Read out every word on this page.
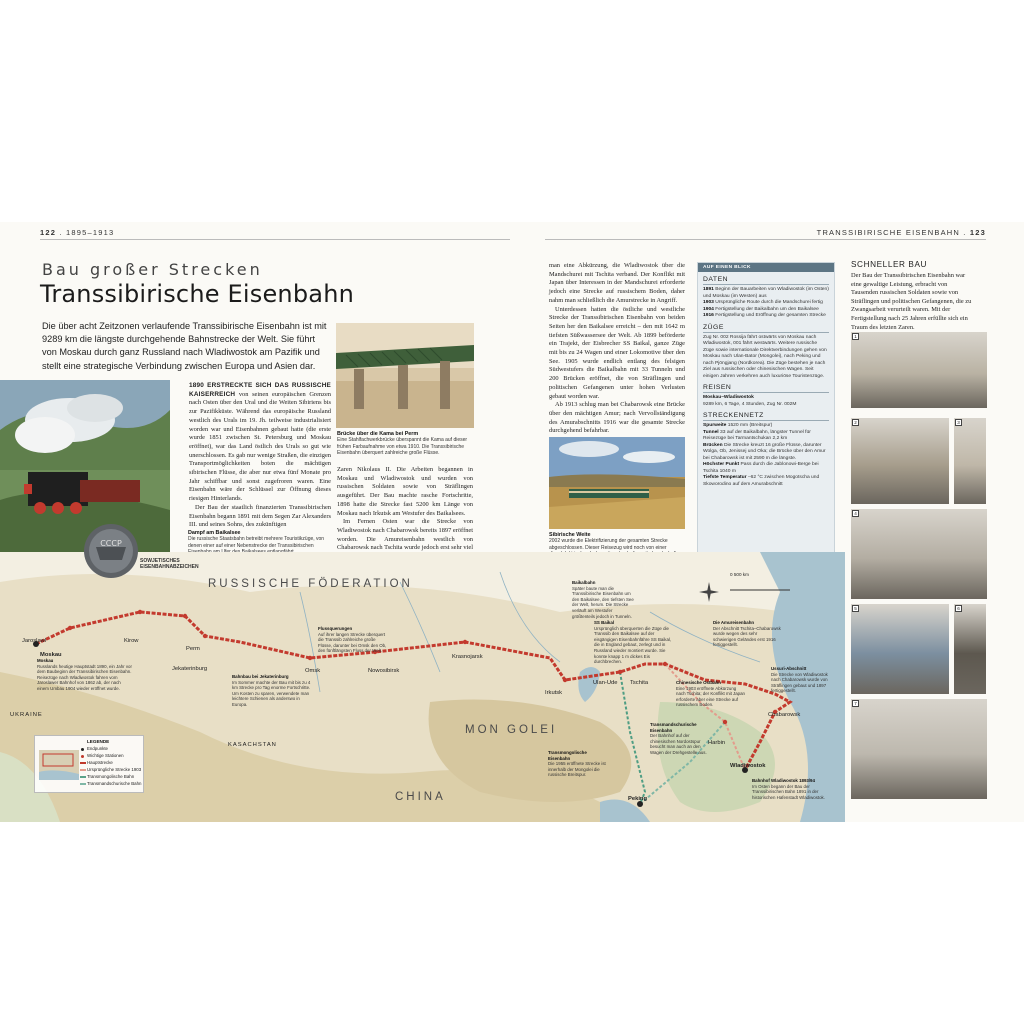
122 . 1895–1913	TRANSSIBIRISCHE EISENBAHN . 123
Bau großer Strecken
Transsibirische Eisenbahn
Die über acht Zeitzonen verlaufende Transsibirische Eisenbahn ist mit 9289 km die längste durchgehende Bahnstrecke der Welt. Sie führt von Moskau durch ganz Russland nach Wladiwostok am Pazifik und stellt eine strategische Verbindung zwischen Europa und Asien dar.
Dampf am Baikalsee
Die russische Staatsbahn betreibt mehrere Touristikzüge, von denen einer auf einer Nebenstrecke der Transsibirischen
1890 ERSTRECKTE SICH DAS RUSSISCHE KAISERREICH von seinen europäischen Grenzen nach Osten über den Ural und die Weiten Sibiriens bis zur Pazifikküste. Während das europäische Russland westlich des Urals im 19. Jh. teilweise industrialisiert worden war und Eisenbahnen gebaut hatte (die erste wurde 1851 zwischen St. Petersburg und Moskau eröffnet), war das Land östlich des Urals so gut wie unerschlossen. Es gab nur wenige Straßen, die einzigen Transportmöglichkeiten boten die mächtigen sibirischen Flüsse, die aber nur etwa fünf Monate pro Jahr schiffbar und sonst zugefroren waren. Eine Eisenbahn wäre der Schlüssel zur Öffnung dieses riesigen Hinterlands.

Der Bau der staatlich finanzierten Transsibirischen Eisenbahn begann 1891 mit dem Segen Zar Alexanders III. und seines Sohns, des zukünftigen

Brücke über die Kama bei Perm
Eine Stahlfachwerkbrücke überspannt die Kama auf dieser frühen Farbaufnahme von etwa 1910. Die Transsibirische Eisenbahn überquert zahlreiche große Flüsse.
Zaren Nikolaus II. Die Arbeiten begannen in Moskau und Wladiwostok und wurden von russischen Soldaten sowie von Sträflingen ausgeführt. Der Bau machte rasche Fortschritte, 1898 hatte die Strecke fast 5200 km Länge von Moskau nach Irkutsk am Westufer des Baikalsees.

Im Fernen Osten war die Strecke von Wladiwostok nach Chabarowsk bereits 1897 eröffnet worden. Die Amureisenbahn westlich von Chabarowsk nach Tschita wurde jedoch erst sehr viel

man eine Abkürzung, die Wladiwostok über die Mandschurei mit Tschita verband. Der Konflikt mit Japan über Interessen in der Mandschurei erforderte jedoch eine Strecke auf russischem Boden, daher nahm man schließlich die Amurstrecke in Angriff.

Unterdessen hatten die östliche und westliche Strecke der Transsibirischen Eisenbahn von beiden Seiten her den Baikalsee erreicht – den mit 1642 m tiefsten Süßwassersee der Welt. Ab 1899 beförderte ein Trajekt, der Eisbrecher SS Baikal, ganze Züge mit bis zu 24 Wagen und einer Lokomotive über den See. 1905 wurde endlich entlang des felsigen Südwestufers die Baikalbahn mit 33 Tunneln und 200 Brücken eröffnet, die von Sträflingen und politischen Gefangenen unter hohen Verlusten gebaut worden war.

Ab 1913 schlug man bei Chabarowsk eine Brücke über den mächtigen Amur; nach Vervollständigung des Amurabschnitts 1916 war die gesamte Strecke durchgehend befahrbar.

Sibirische Weite
2002 wurde die Elektrifizierung der gesamten Strecke abgeschlossen. Dieser Reisezug wird noch von einer
AUF EINEN BLICK
DATEN
1891 Beginn der Bauarbeiten von Wladiwostok (im Osten) und Moskau (im Westen) aus
1903 Ursprüngliche Route durch die Mandschurei fertig
1904 Fertigstellung der Baikalbahn um den Baikalsee
1916 Fertigstellung und Eröffnung der gesamten Strecke
ZÜGE
Zug Nr. 002 Rossija fährt ostwärts von Moskau nach Wladiwostok, 001 fährt westwärts. Weitere russische Züge sowie internationale Direktverbindungen gehen von Moskau nach Ulan-Bator (Mongolei), nach Peking und nach Pjöngjang (Nordkorea). Die Züge bestehen je nach Ziel aus russischen oder chinesischen Wagen. Seit einigen Jahren verkehren auch luxuriöse Touristenzüge.
REISEN
Moskau–Wladiwostok
9289 km, 6 Tage, 4 Stunden, Zug Nr. 002M
STRECKENNETZ
Spurweite 1520 mm (Breitspur)
Tunnel 33 auf der Baikalbahn, längster Tunnel für Reisezüge bei Tarmantschukan 2,2 km
Brücken Die Strecke kreuzt 16 große Flüsse, darunter Wolga, Ob, Jenissej und Oka; die Brücke über den Amur bei Chabarowsk ist mit 2590 m die längste.
Höchster Punkt Pass durch die Jablonowi-Berge bei Tschita 1040 m
Tiefste Temperatur –62 °C zwischen Mogotscha und Skoworodino auf dem Amurabschnitt
SCHNELLER BAU
Der Bau der Transsibirischen Eisenbahn war eine gewaltige Leistung, erbracht von Tausenden russischen Soldaten sowie von Sträflingen und politischen Gefangenen, die zu Zwangsarbeit verurteilt waren. Mit der Fertigstellung nach 25 Jahren erfüllte sich ein Traum des letzten Zaren.
1
2	3
4
5	6
7
СССР
SOWJETISCHES EISENBAHNABZEICHEN
RUSSISCHE FÖDERATION
MON GOLEI
CHINA
KASACHSTAN
UKRAINE
Jaroslawl
Moskau
Kirow
Perm
Jekaterinburg	Omsk	Nowosibirsk
Krasnojarsk
Irkutsk
Ulan-Ude Tschita
Harbin
Chabarowsk
Wladiwostok
Peking
Moskau
Russlands heutige Hauptstadt 1890, ein Jahr vor dem Baubeginn der Transsibirischen Eisenbahn. Reisezüge nach Wladiwostok fahren vom Jaroslawer Bahnhof von 1862 ab, der nach einem Umbau 1904 wieder eröffnet wurde.
Bahnbau bei Jekaterinburg
Im Sommer machte der Bau mit bis zu 4 km Strecke pro Tag enorme Fortschritte. Um Kosten zu sparen, verwendete man leichtere Schienen als anderswo in Europa.
Flussquerungen
Auf ihrer langen Strecke überquert die Transsib zahlreiche große Flüsse, darunter bei Omsk den Ob, den fünftlängsten Fluss der Welt.
Baikalbahn
Später baute man die Transsibirische Eisenbahn um den Baikalsee, den tiefsten See der Welt, herum. Die Strecke verläuft am Westufer größtenteils jedoch in Tunneln.
SS Baikal
Ursprünglich überquerten die Züge die Transsib den Baikalsee auf der eisgängigen Eisenbahnfähre SS Baikal, die in England gebaut, zerlegt und in Russland wieder montiert wurde. Sie konnte knapp 1 m dickes Eis durchbrechen.
Die Amureisenbahn
Der Abschnitt Tschita–Chabarowsk wurde wegen des sehr schwierigen Geländes erst 1916 fertiggestellt.
Chinesische Ostbahn
Eine 1903 eröffnete Abkürzung nach Tschita; der Konflikt mit Japan erforderte aber eine Strecke auf russischem Boden.
Ussuri-Abschnitt
Die Strecke von Wladiwostok nach Chabarowsk wurde von Sträflingen gebaut und 1897 fertiggestellt.
Transmandschurische Eisenbahn
Der Bahnhof auf der chinesischen Nordostspur besucht man auch an den Wagen der Drehgestelle aus.
Transmongolische Eisenbahn
Die 1955 eröffnete Strecke ist innerhalb der Mongolei die russische Breitspur.
Bahnhof Wladiwostok 1893/94
Im Osten begann der Bau der Transsibirischen Bahn 1891 in der historischen Hafenstadt Wladiwostok.
0 500 km
LEGENDE
Endpunkte
Wichtige Stationen
Hauptstrecke
Ursprüngliche Strecke 1903
Transmongolische Bahn
Transmandschurische Bahn
